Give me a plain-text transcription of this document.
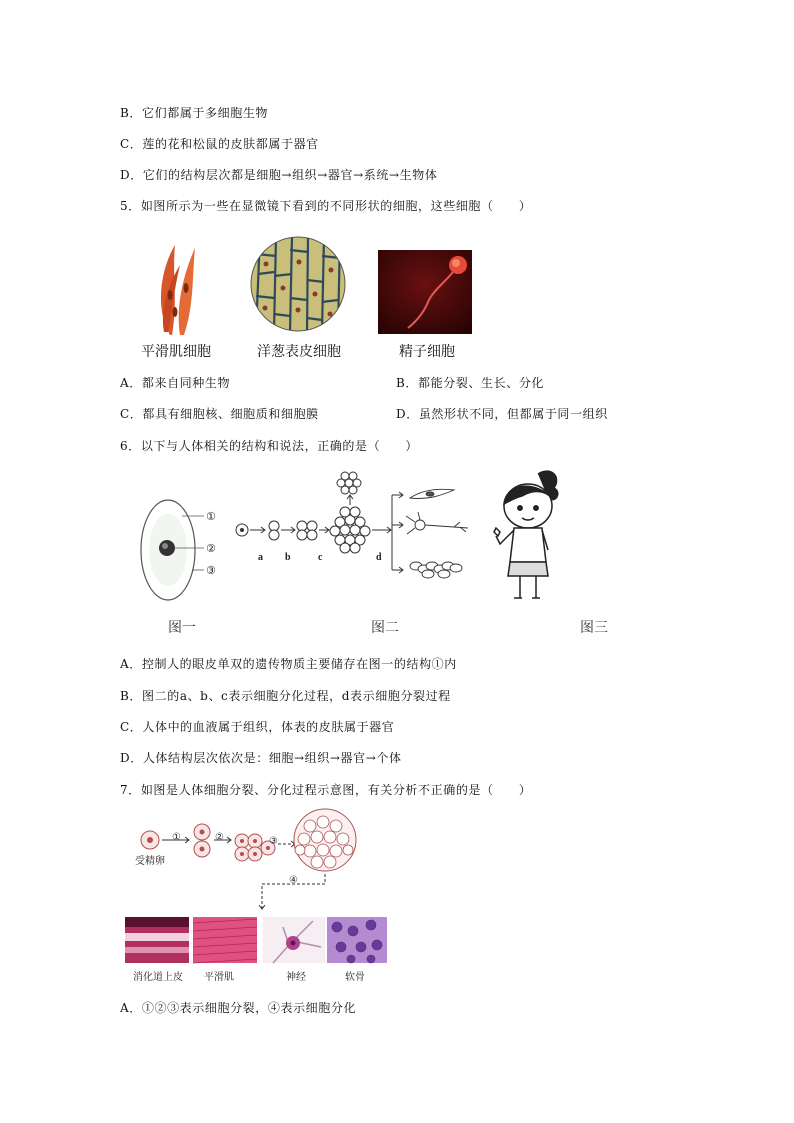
B．它们都属于多细胞生物
C．莲的花和松鼠的皮肤都属于器官
D．它们的结构层次都是细胞→组织→器官→系统→生物体
5．如图所示为一些在显微镜下看到的不同形状的细胞，这些细胞（　　）
平滑肌细胞	洋葱表皮细胞	精子细胞
A．都来自同种生物	B．都能分裂、生长、分化
C．都具有细胞核、细胞质和细胞膜	D．虽然形状不同，但都属于同一组织
6．以下与人体相关的结构和说法，正确的是（　　）
①
②
③
a b	c	d
图一	图二	图三
A．控制人的眼皮单双的遗传物质主要储存在图一的结构①内
B．图二的a、b、c表示细胞分化过程，d表示细胞分裂过程
C．人体中的血液属于组织，体表的皮肤属于器官
D．人体结构层次依次是：细胞→组织→器官→个体
7．如图是人体细胞分裂、分化过程示意图，有关分析不正确的是（　　）
①	②	③
④
受精卵
消化道上皮 平滑肌	神经	软骨
A．①②③表示细胞分裂，④表示细胞分化
